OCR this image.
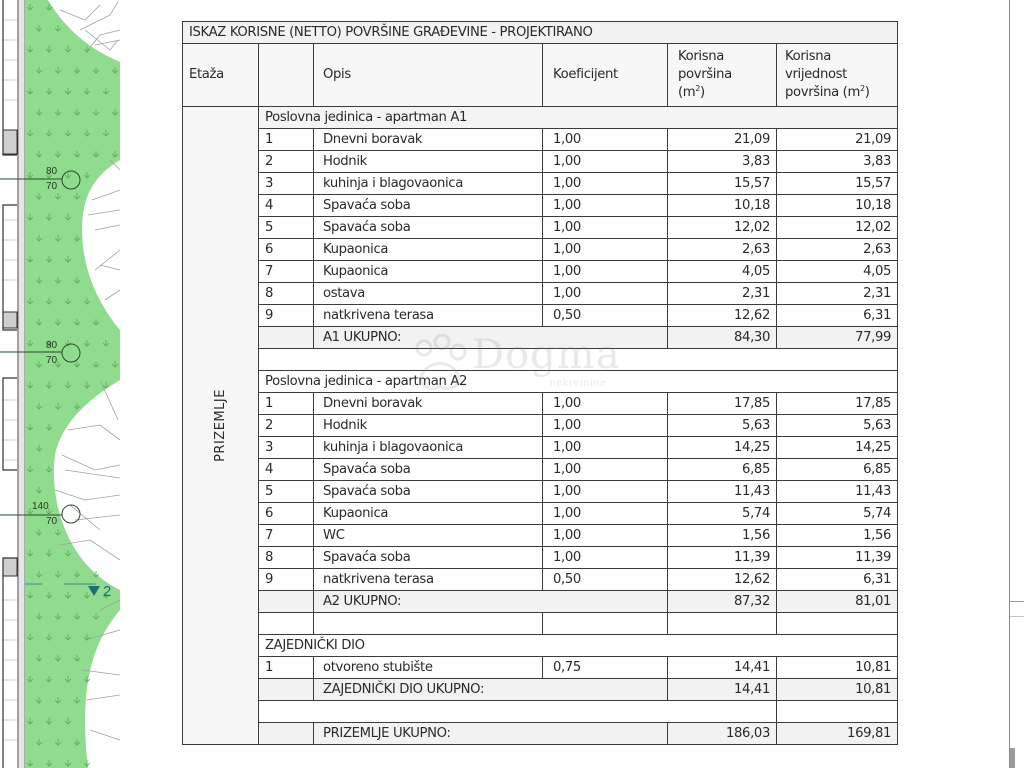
80
70
80
70
140
70
2
ISKAZ KORISNE (NETTO) POVRŠINE GRAĐEVINE - PROJEKTIRANO					
Etaža		Opis	Koeficijent	Korisna
površina
$(m^2)$	Korisna
vrijednost
površina $(m^2)$
PRIZEMLJE	Poslovna jedinica - apartman A1				
	1	Dnevni boravak	1,00	21,09	21,09
	2	Hodnik	1,00	3,83	3,83
	3	kuhinja i blagovaonica	1,00	15,57	15,57
	4	Spavaća soba	1,00	10,18	10,18
	5	Spavaća soba	1,00	12,02	12,02
	6	Kupaonica	1,00	2,63	2,63
	7	Kupaonica	1,00	4,05	4,05
	8	ostava	1,00	2,31	2,31
	9	natkrivena terasa	0,50	12,62	6,31
		A1 UKUPNO:		84,30	77,99

	Poslovna jedinica - apartman A2				
	1	Dnevni boravak	1,00	17,85	17,85
	2	Hodnik	1,00	5,63	5,63
	3	kuhinja i blagovaonica	1,00	14,25	14,25
	4	Spavaća soba	1,00	6,85	6,85
	5	Spavaća soba	1,00	11,43	11,43
	6	Kupaonica	1,00	5,74	5,74
	7	WC	1,00	1,56	1,56
	8	Spavaća soba	1,00	11,39	11,39
	9	natkrivena terasa	0,50	12,62	6,31
		A2 UKUPNO:		87,32	81,01

	ZAJEDNIČKI DIO				
	1	otvoreno stubište	0,75	14,41	10,81
		ZAJEDNIČKI DIO UKUPNO:		14,41	10,81

		PRIZEMLJE UKUPNO:		186,03	169,81
